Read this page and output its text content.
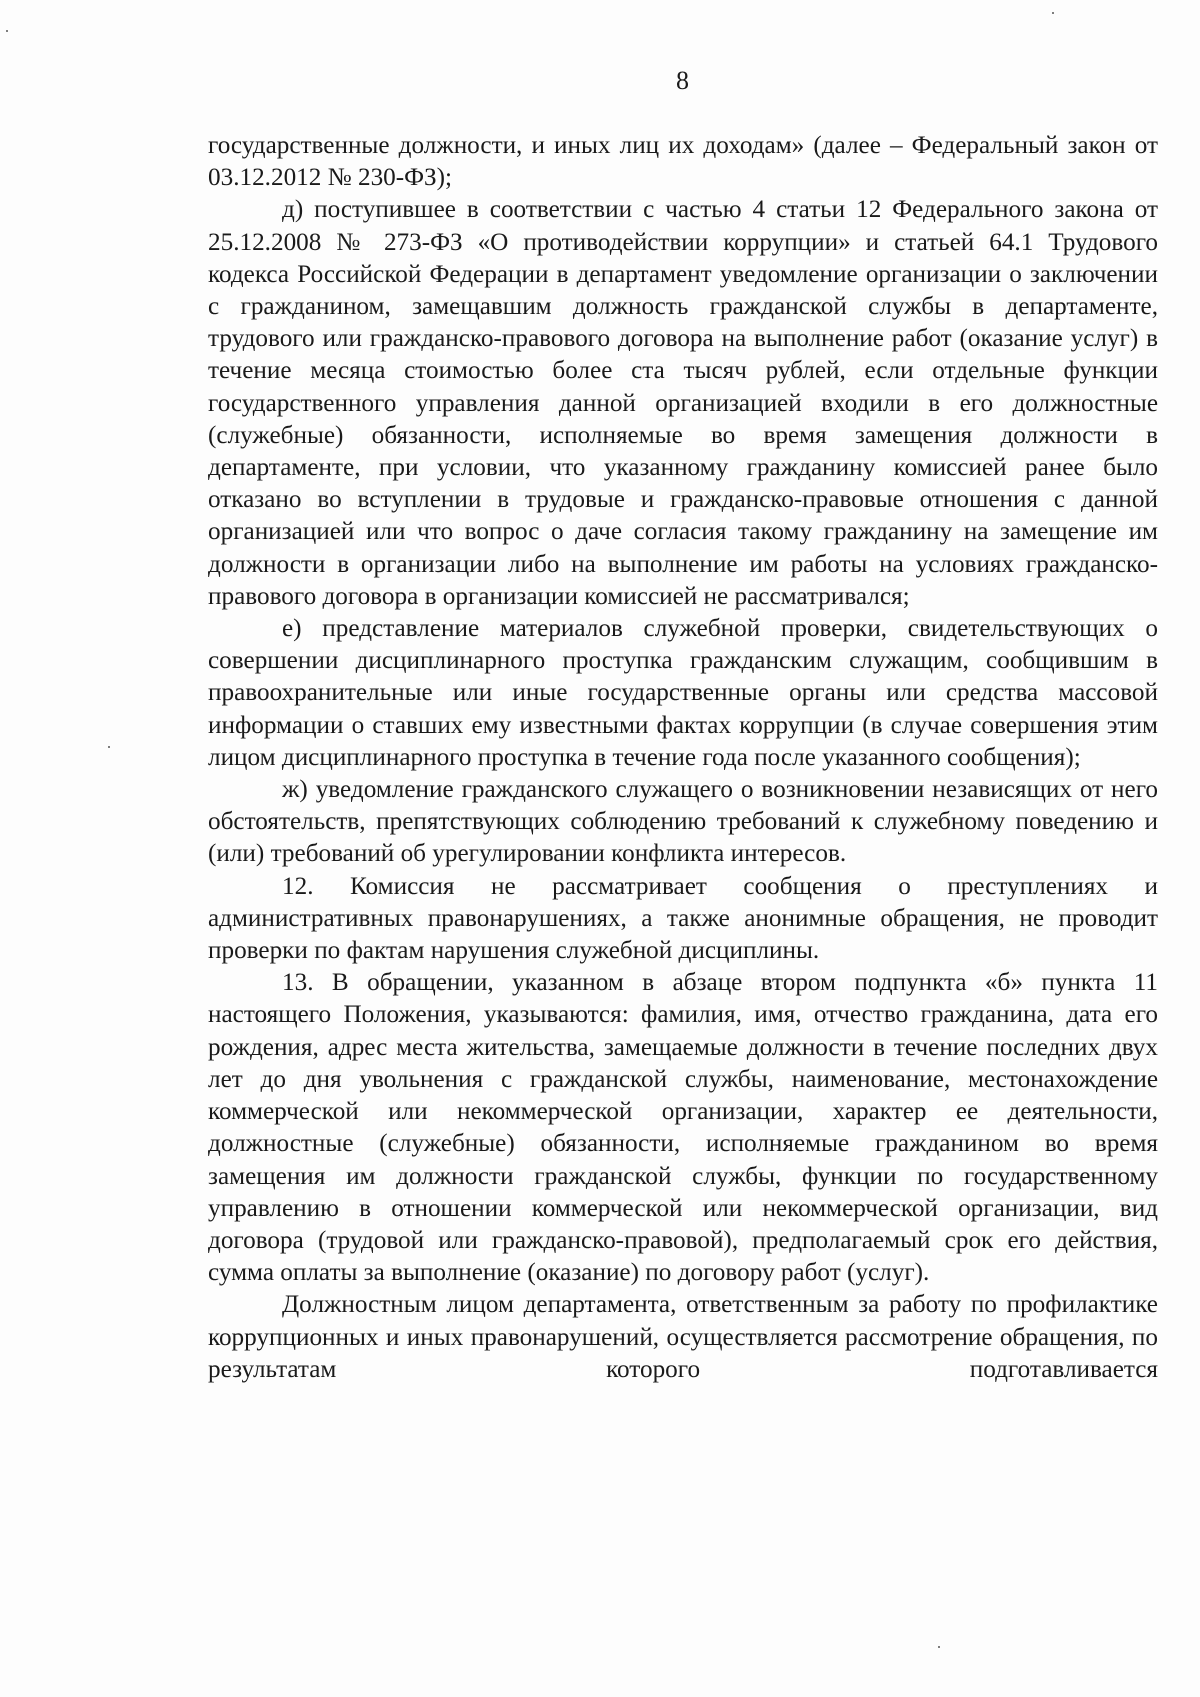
8

государственные должности, и иных лиц их доходам» (далее – Федеральный закон от 03.12.2012 № 230-ФЗ);

д) поступившее в соответствии с частью 4 статьи 12 Федерального закона от 25.12.2008 № 273-ФЗ «О противодействии коррупции» и статьей 64.1 Трудового кодекса Российской Федерации в департамент уведомление организации о заключении с гражданином, замещавшим должность гражданской службы в департаменте, трудового или гражданско-правового договора на выполнение работ (оказание услуг) в течение месяца стоимостью более ста тысяч рублей, если отдельные функции государственного управления данной организацией входили в его должностные (служебные) обязанности, исполняемые во время замещения должности в департаменте, при условии, что указанному гражданину комиссией ранее было отказано во вступлении в трудовые и гражданско-правовые отношения с данной организацией или что вопрос о даче согласия такому гражданину на замещение им должности в организации либо на выполнение им работы на условиях гражданско-правового договора в организации комиссией не рассматривался;

е) представление материалов служебной проверки, свидетельствующих о совершении дисциплинарного проступка гражданским служащим, сообщившим в правоохранительные или иные государственные органы или средства массовой информации о ставших ему известными фактах коррупции (в случае совершения этим лицом дисциплинарного проступка в течение года после указанного сообщения);

ж) уведомление гражданского служащего о возникновении независящих от него обстоятельств, препятствующих соблюдению требований к служебному поведению и (или) требований об урегулировании конфликта интересов.

12. Комиссия не рассматривает сообщения о преступлениях и административных правонарушениях, а также анонимные обращения, не проводит проверки по фактам нарушения служебной дисциплины.

13. В обращении, указанном в абзаце втором подпункта «б» пункта 11 настоящего Положения, указываются: фамилия, имя, отчество гражданина, дата его рождения, адрес места жительства, замещаемые должности в течение последних двух лет до дня увольнения с гражданской службы, наименование, местонахождение коммерческой или некоммерческой организации, характер ее деятельности, должностные (служебные) обязанности, исполняемые гражданином во время замещения им должности гражданской службы, функции по государственному управлению в отношении коммерческой или некоммерческой организации, вид договора (трудовой или гражданско-правовой), предполагаемый срок его действия, сумма оплаты за выполнение (оказание) по договору работ (услуг).

Должностным лицом департамента, ответственным за работу по профилактике коррупционных и иных правонарушений, осуществляется рассмотрение обращения, по результатам которого подготавливается
